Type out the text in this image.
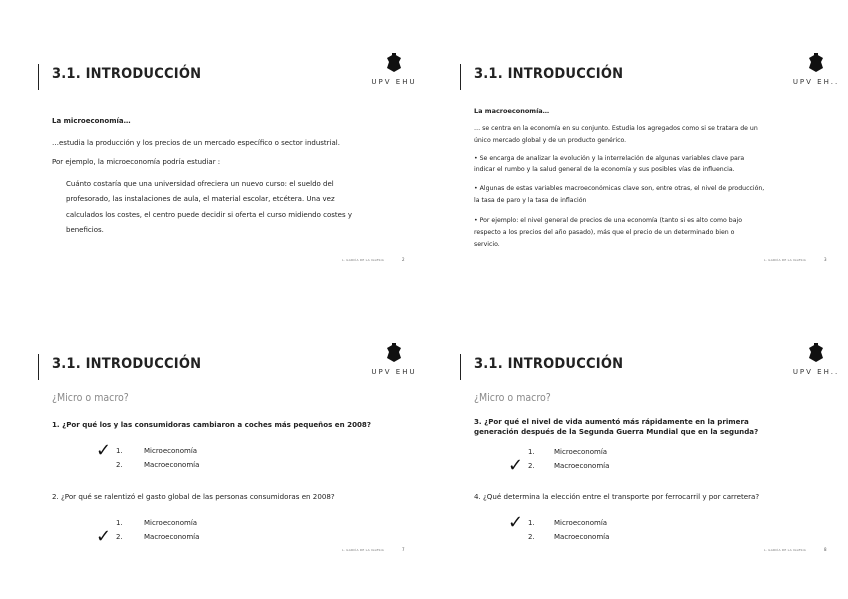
3.1. INTRODUCCIÓN	UPV EHU
La microeconomía…
…estudia la producción y los precios de un mercado específico o sector industrial.
Por ejemplo, la microeconomía podría estudiar :
Cuánto costaría que una universidad ofreciera un nuevo curso: el sueldo del
profesorado, las instalaciones de aula, el material escolar, etcétera. Una vez
calculados los costes, el centro puede decidir si oferta el curso midiendo costes y
beneficios.
L. GARCÍA DE LA IGLESIA	2
3.1. INTRODUCCIÓN	UPV EH..
La macroeconomía…
… se centra en la economía en su conjunto. Estudia los agregados como si se tratara de un
único mercado global y de un producto genérico.
• Se encarga de analizar la evolución y la interrelación de algunas variables clave para
indicar el rumbo y la salud general de la economía y sus posibles vías de influencia.
• Algunas de estas variables macroeconómicas clave son, entre otras, el nivel de producción,
la tasa de paro y la tasa de inflación
• Por ejemplo: el nivel general de precios de una economía (tanto si es alto como bajo
respecto a los precios del año pasado), más que el precio de un determinado bien o
servicio.
L. GARCÍA DE LA IGLESIA	3
3.1. INTRODUCCIÓN	UPV EHU
¿Micro o macro?
1. ¿Por qué los y las consumidoras cambiaron a coches más pequeños en 2008?
✓ 1.	Microeconomía
2.	Macroeconomía
2. ¿Por qué se ralentizó el gasto global de las personas consumidoras en 2008?
1.	Microeconomía
✓ 2.	Macroeconomía
L. GARCÍA DE LA IGLESIA	7
3.1. INTRODUCCIÓN	UPV EH..
¿Micro o macro?
3. ¿Por qué el nivel de vida aumentó más rápidamente en la primera
generación después de la Segunda Guerra Mundial que en la segunda?
1.	Microeconomía
✓ 2.	Macroeconomía
4. ¿Qué determina la elección entre el transporte por ferrocarril y por carretera?
✓ 1.	Microeconomía
2.	Macroeconomía
L. GARCÍA DE LA IGLESIA	8
